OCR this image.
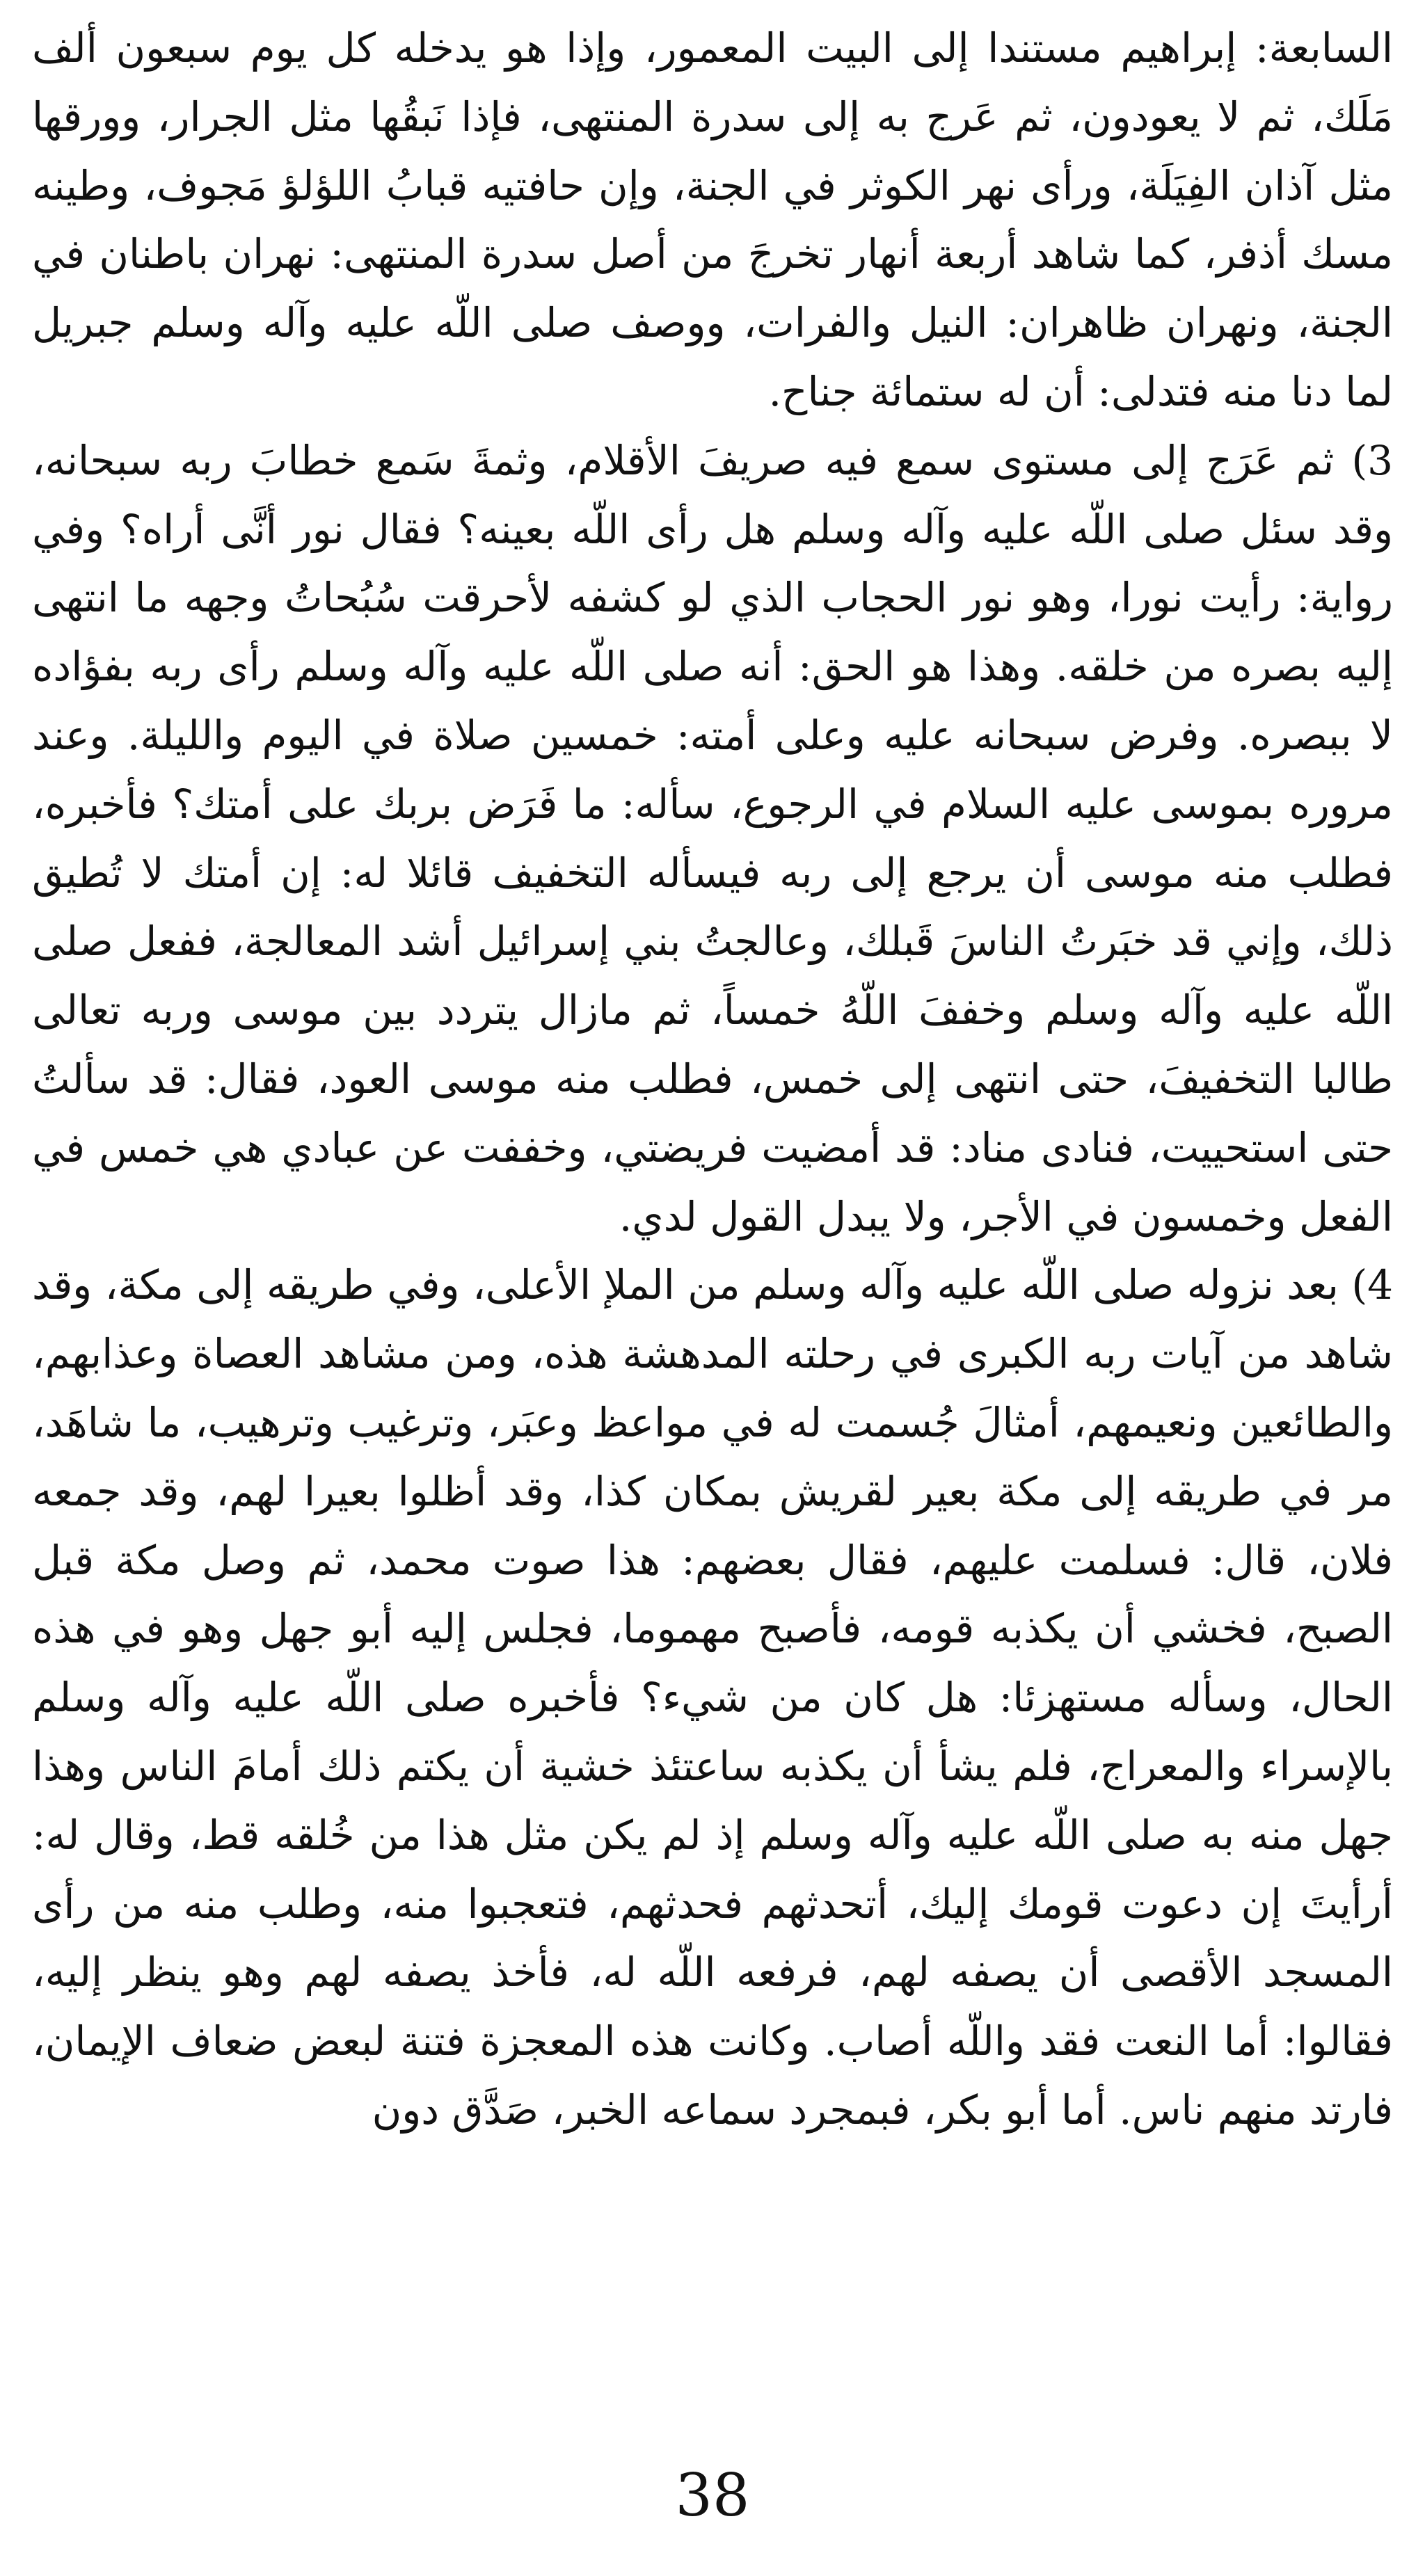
السابعة: إبراهيم مستندا إلى البيت المعمور، وإذا هو يدخله كل يوم سبعون ألف مَلَك، ثم لا يعودون، ثم عَرج به إلى سدرة المنتهى، فإذا نَبقُها مثل الجرار، وورقها مثل آذان الفِيَلَة، ورأى نهر الكوثر في الجنة، وإن حافتيه قبابُ اللؤلؤ مَجوف، وطينه مسك أذفر، كما شاهد أربعة أنهار تخرجَ من أصل سدرة المنتهى: نهران باطنان في الجنة، ونهران ظاهران: النيل والفرات، ووصف صلى اللّه عليه وآله وسلم جبريل لما دنا منه فتدلى: أن له ستمائة جناح.

3) ثم عَرَج إلى مستوى سمع فيه صريفَ الأقلام، وثمةَ سَمع خطابَ ربه سبحانه، وقد سئل صلى اللّه عليه وآله وسلم هل رأى اللّه بعينه؟ فقال نور أنَّى أراه؟ وفي رواية: رأيت نورا، وهو نور الحجاب الذي لو كشفه لأحرقت سُبُحاتُ وجهه ما انتهى إليه بصره من خلقه. وهذا هو الحق: أنه صلى اللّه عليه وآله وسلم رأى ربه بفؤاده لا ببصره. وفرض سبحانه عليه وعلى أمته: خمسين صلاة في اليوم والليلة. وعند مروره بموسى عليه السلام في الرجوع، سأله: ما فَرَض بربك على أمتك؟ فأخبره، فطلب منه موسى أن يرجع إلى ربه فيسأله التخفيف قائلا له: إن أمتك لا تُطيق ذلك، وإني قد خبَرتُ الناسَ قَبلك، وعالجتُ بني إسرائيل أشد المعالجة، ففعل صلى اللّه عليه وآله وسلم وخففَ اللّهُ خمساً، ثم مازال يتردد بين موسى وربه تعالى طالبا التخفيفَ، حتى انتهى إلى خمس، فطلب منه موسى العود، فقال: قد سألتُ حتى استحييت، فنادى مناد: قد أمضيت فريضتي، وخففت عن عبادي هي خمس في الفعل وخمسون في الأجر، ولا يبدل القول لدي.

4) بعد نزوله صلى اللّه عليه وآله وسلم من الملإ الأعلى، وفي طريقه إلى مكة، وقد شاهد من آيات ربه الكبرى في رحلته المدهشة هذه، ومن مشاهد العصاة وعذابهم، والطائعين ونعيمهم، أمثالَ جُسمت له في مواعظ وعبَر، وترغيب وترهيب، ما شاهَد، مر في طريقه إلى مكة بعير لقريش بمكان كذا، وقد أظلوا بعيرا لهم، وقد جمعه فلان، قال: فسلمت عليهم، فقال بعضهم: هذا صوت محمد، ثم وصل مكة قبل الصبح، فخشي أن يكذبه قومه، فأصبح مهموما، فجلس إليه أبو جهل وهو في هذه الحال، وسأله مستهزئا: هل كان من شيء؟ فأخبره صلى اللّه عليه وآله وسلم بالإسراء والمعراج، فلم يشأ أن يكذبه ساعتئذ خشية أن يكتم ذلك أمامَ الناس وهذا جهل منه به صلى اللّه عليه وآله وسلم إذ لم يكن مثل هذا من خُلقه قط، وقال له: أرأيتَ إن دعوت قومك إليك، أتحدثهم فحدثهم، فتعجبوا منه، وطلب منه من رأى المسجد الأقصى أن يصفه لهم، فرفعه اللّه له، فأخذ يصفه لهم وهو ينظر إليه، فقالوا: أما النعت فقد واللّه أصاب. وكانت هذه المعجزة فتنة لبعض ضعاف الإيمان، فارتد منهم ناس. أما أبو بكر، فبمجرد سماعه الخبر، صَدَّق دون

38
